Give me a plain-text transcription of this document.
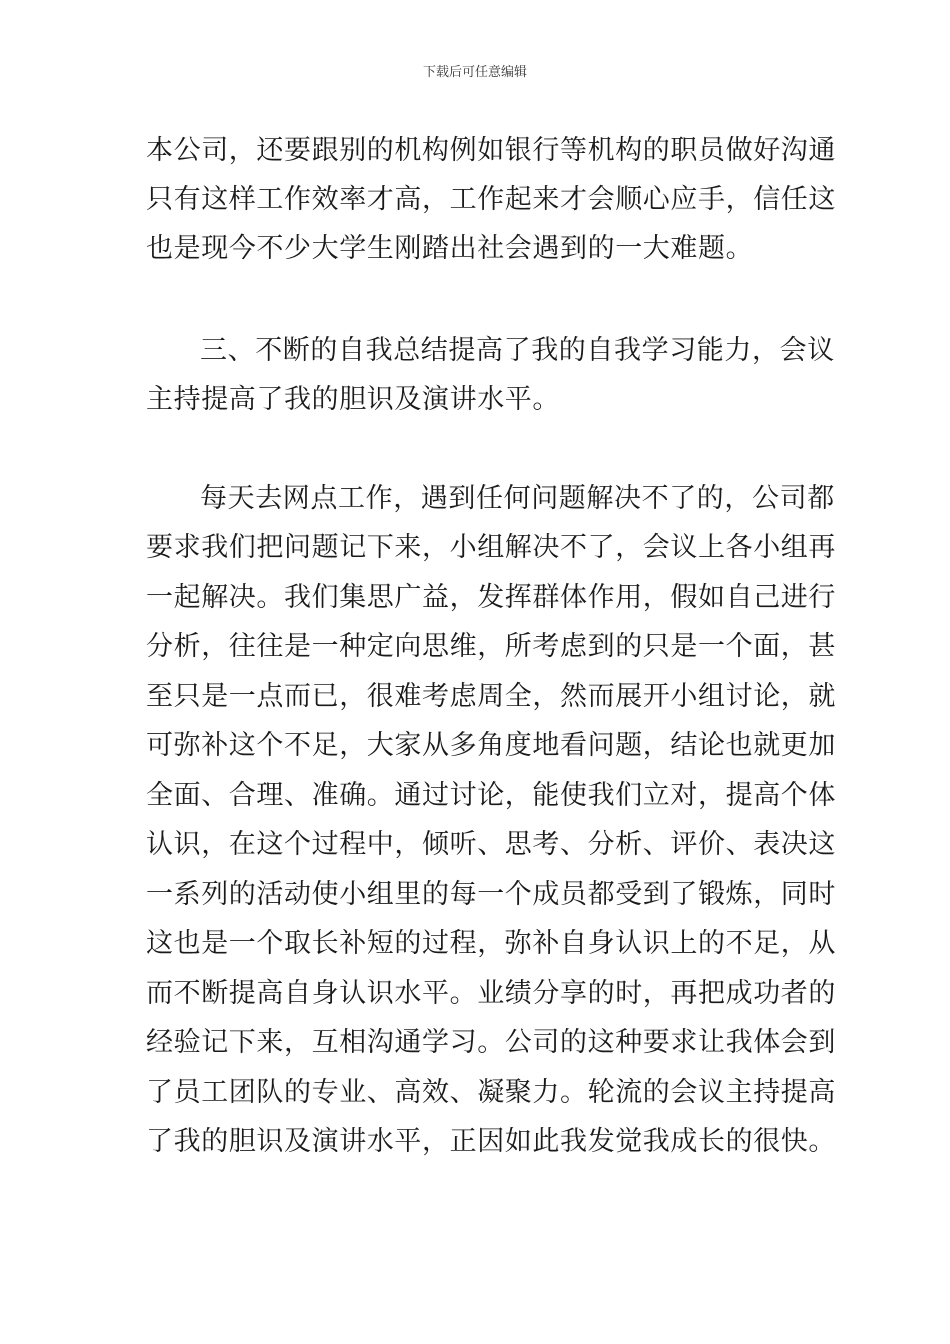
下载后可任意编辑
本公司，还要跟别的机构例如银行等机构的职员做好沟通
只有这样工作效率才高，工作起来才会顺心应手，信任这
也是现今不少大学生刚踏出社会遇到的一大难题。
三、不断的自我总结提高了我的自我学习能力，会议
主持提高了我的胆识及演讲水平。
每天去网点工作，遇到任何问题解决不了的，公司都
要求我们把问题记下来，小组解决不了，会议上各小组再
一起解决。我们集思广益，发挥群体作用，假如自己进行
分析，往往是一种定向思维，所考虑到的只是一个面，甚
至只是一点而已，很难考虑周全，然而展开小组讨论，就
可弥补这个不足，大家从多角度地看问题，结论也就更加
全面、合理、准确。通过讨论，能使我们立对，提高个体
认识，在这个过程中，倾听、思考、分析、评价、表决这
一系列的活动使小组里的每一个成员都受到了锻炼，同时
这也是一个取长补短的过程，弥补自身认识上的不足，从
而不断提高自身认识水平。业绩分享的时，再把成功者的
经验记下来，互相沟通学习。公司的这种要求让我体会到
了员工团队的专业、高效、凝聚力。轮流的会议主持提高
了我的胆识及演讲水平，正因如此我发觉我成长的很快。
